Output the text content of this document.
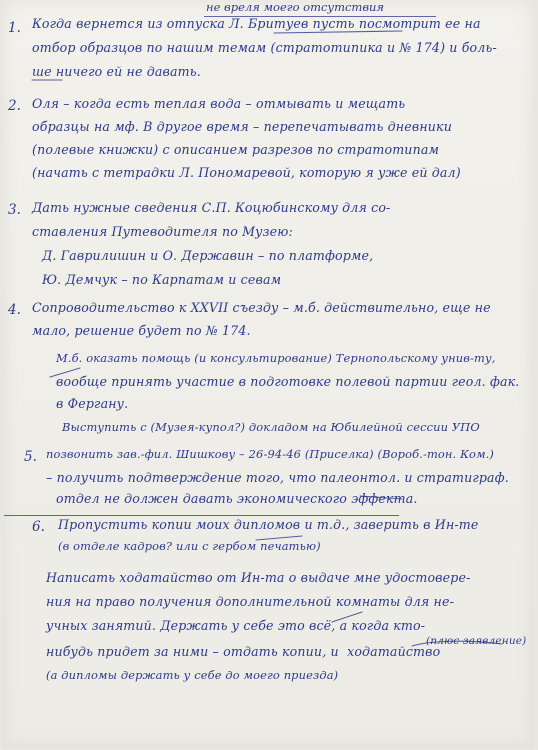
не вреля моего отсутствия
1. Когда вернется из отпуска Л. Бритуев пусть посмотрит ее на

отбор образцов по нашим темам (стратотипика и № 174) и боль-

ше ничего ей не давать.

2. Оля – когда есть теплая вода – отмывать и мещать

образцы на мф. В другое время – перепечатывать дневники

(полевые книжки) с описанием разрезов по стратотипам

(начать с тетрадки Л. Пономаревой, которую я уже ей дал)

3. Дать нужные сведения С.П. Коцюбинскому для со-

ставления Путеводителя по Музею:

Д. Гаврилишин и О. Державин – по платформе,

Ю. Демчук – по Карпатам и севам

4. Сопроводительство к XXVII съезду – м.б. действительно, еще не

мало, решение будет по № 174.

М.б. оказать помощь (и консультирование) Тернопольскому унив-ту,

вообще принять участие в подготовке полевой партии геол. фак.

в Фергану.

Выступить с (Музея-купол?) докладом на Юбилейной сессии УПО

5. позвонить зав.-фил. Шишкову – 26-94-46 (Приселка) (Вороб.-тон. Ком.)

– получить подтверждение того, что палеонтол. и стратиграф.

отдел не должен давать экономического эффекта.

6. Пропустить копии моих дипломов и т.д., заверить в Ин-те

(в отделе кадров? или с гербом печатью)

Написать ходатайство от Ин-та о выдаче мне удостовере-

ния на право получения дополнительной комнаты для не-

учных занятий. Держать у себе это всё, а когда кто-

нибудь придет за ними – отдать копии, и  ходатайство

(а дипломы держать у себе до моего приезда)

(плюс заявление)
